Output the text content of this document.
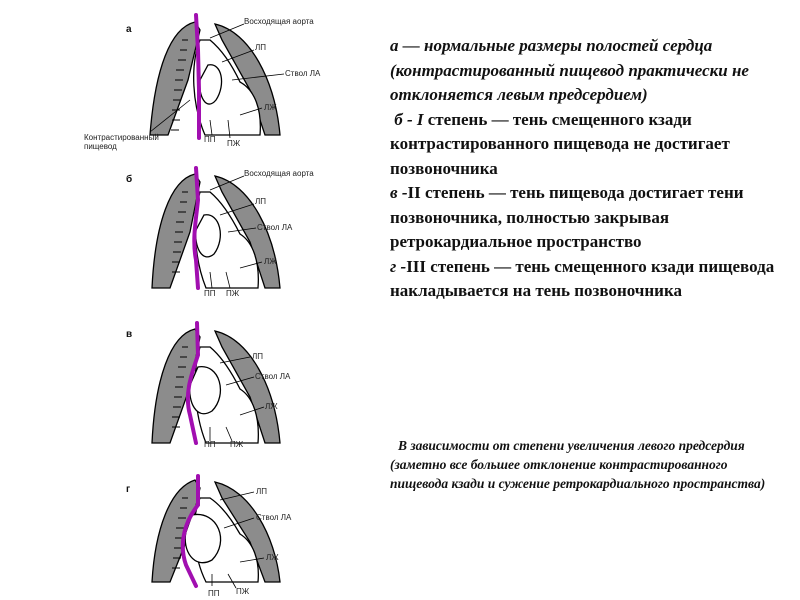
а
Восходящая аорта
ЛП
Ствол ЛА
ЛЖ
ПП ПЖ
Контрастированный
пищевод
б
Восходящая аорта
ЛП
Ствол ЛА
ЛЖ
ПП ПЖ
в
ЛП
Ствол ЛА
ЛЖ
ПП ПЖ
г	ЛП
Ствол ЛА
ЛЖ
ПП ПЖ

а — нормальные размеры полостей сердца (контрастированный пищевод практически не отклоняется левым предсердием)

б - I степень — тень смещенного кзади контрастированного пищевода не достигает позвоночника

в -II степень — тень пищевода достигает тени позвоночника, полностью закрывая ретрокардиальное пространство

г -III степень — тень смещенного кзади пищевода накладывается на тень позвоночника

В зависимости от степени увеличения левого предсердия (заметно все большее отклонение контрастированного пищевода кзади и сужение ретрокардиального пространства)
